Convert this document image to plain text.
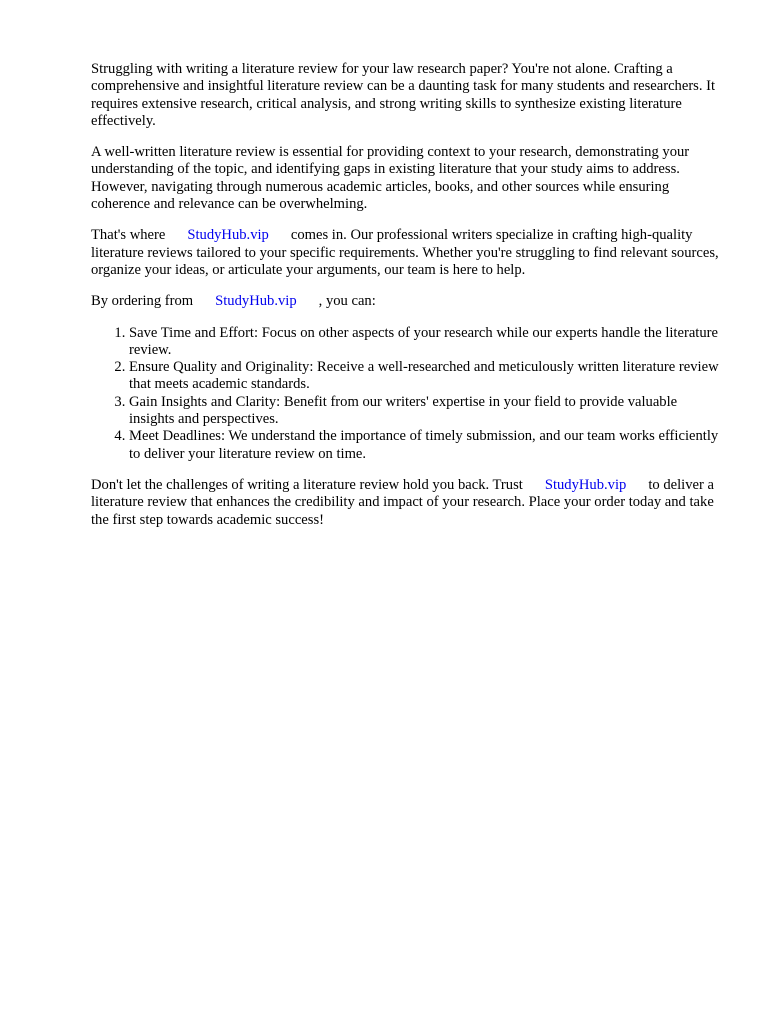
Struggling with writing a literature review for your law research paper? You're not alone. Crafting a comprehensive and insightful literature review can be a daunting task for many students and researchers. It requires extensive research, critical analysis, and strong writing skills to synthesize existing literature effectively.

A well-written literature review is essential for providing context to your research, demonstrating your understanding of the topic, and identifying gaps in existing literature that your study aims to address. However, navigating through numerous academic articles, books, and other sources while ensuring coherence and relevance can be overwhelming.

That's where StudyHub.vip comes in. Our professional writers specialize in crafting high-quality literature reviews tailored to your specific requirements. Whether you're struggling to find relevant sources, organize your ideas, or articulate your arguments, our team is here to help.

By ordering from StudyHub.vip , you can:

1. Save Time and Effort: Focus on other aspects of your research while our experts handle the literature review.
2. Ensure Quality and Originality: Receive a well-researched and meticulously written literature review that meets academic standards.
3. Gain Insights and Clarity: Benefit from our writers' expertise in your field to provide valuable insights and perspectives.
4. Meet Deadlines: We understand the importance of timely submission, and our team works efficiently to deliver your literature review on time.

Don't let the challenges of writing a literature review hold you back. Trust StudyHub.vip to deliver a literature review that enhances the credibility and impact of your research. Place your order today and take the first step towards academic success!
